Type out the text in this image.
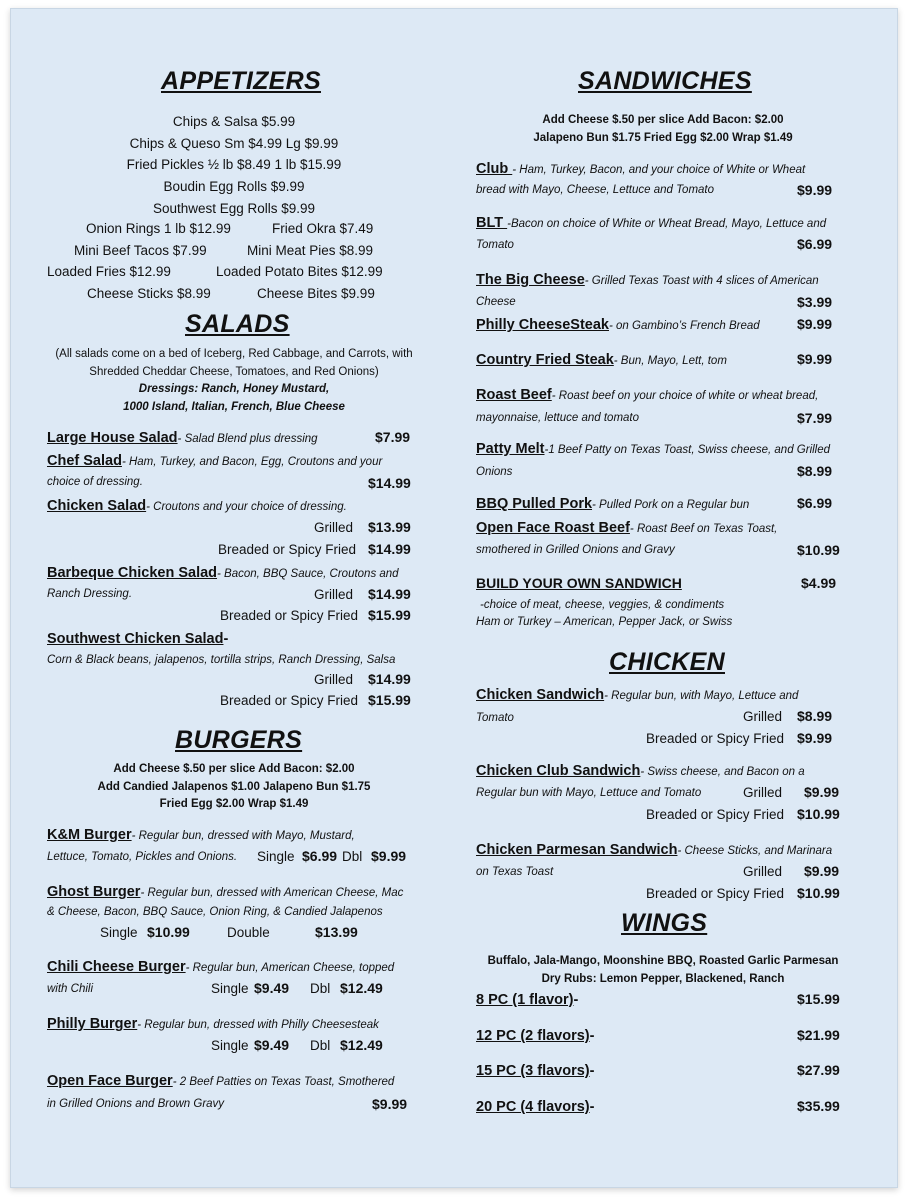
APPETIZERS
Chips & Salsa $5.99
Chips & Queso Sm $4.99 Lg $9.99
Fried Pickles ½ lb $8.49 1 lb $15.99
Boudin Egg Rolls $9.99
Southwest Egg Rolls $9.99
Onion Rings 1 lb $12.99	Fried Okra $7.49
Mini Beef Tacos $7.99	Mini Meat Pies $8.99
Loaded Fries $12.99	Loaded Potato Bites $12.99
Cheese Sticks $8.99	Cheese Bites $9.99
SALADS
(All salads come on a bed of Iceberg, Red Cabbage, and Carrots, with
Shredded Cheddar Cheese, Tomatoes, and Red Onions)
Dressings: Ranch, Honey Mustard,
1000 Island, Italian, French, Blue Cheese
Large House Salad- Salad Blend plus dressing	$7.99
Chef Salad- Ham, Turkey, and Bacon, Egg, Croutons and your
choice of dressing.	$14.99
Chicken Salad- Croutons and your choice of dressing.
Grilled $13.99
Breaded or Spicy Fried $14.99
Barbeque Chicken Salad- Bacon, BBQ Sauce, Croutons and
Ranch Dressing.	Grilled $14.99
Breaded or Spicy Fried $15.99
Southwest Chicken Salad-
Corn & Black beans, jalapenos, tortilla strips, Ranch Dressing, Salsa
Grilled $14.99
Breaded or Spicy Fried $15.99
BURGERS
Add Cheese $.50 per slice Add Bacon: $2.00
Add Candied Jalapenos $1.00 Jalapeno Bun $1.75
Fried Egg $2.00 Wrap $1.49
K&M Burger- Regular bun, dressed with Mayo, Mustard,
Lettuce, Tomato, Pickles and Onions. Single $6.99 Dbl $9.99
Ghost Burger- Regular bun, dressed with American Cheese, Mac
& Cheese, Bacon, BBQ Sauce, Onion Ring, & Candied Jalapenos
Single $10.99	Double	$13.99
Chili Cheese Burger- Regular bun, American Cheese, topped
with Chili	Single $9.49 Dbl $12.49
Philly Burger- Regular bun, dressed with Philly Cheesesteak
Single $9.49 Dbl $12.49
Open Face Burger- 2 Beef Patties on Texas Toast, Smothered
in Grilled Onions and Brown Gravy	$9.99
SANDWICHES
Add Cheese $.50 per slice Add Bacon: $2.00
Jalapeno Bun $1.75 Fried Egg $2.00 Wrap $1.49
Club - Ham, Turkey, Bacon, and your choice of White or Wheat
bread with Mayo, Cheese, Lettuce and Tomato	$9.99
BLT -Bacon on choice of White or Wheat Bread, Mayo, Lettuce and
Tomato	$6.99
The Big Cheese- Grilled Texas Toast with 4 slices of American
Cheese	$3.99
Philly CheeseSteak- on Gambino’s French Bread	$9.99
Country Fried Steak- Bun, Mayo, Lett, tom	$9.99
Roast Beef- Roast beef on your choice of white or wheat bread,
mayonnaise, lettuce and tomato	$7.99
Patty Melt-1 Beef Patty on Texas Toast, Swiss cheese, and Grilled
Onions	$8.99
BBQ Pulled Pork- Pulled Pork on a Regular bun	$6.99
Open Face Roast Beef- Roast Beef on Texas Toast,
smothered in Grilled Onions and Gravy	$10.99
BUILD YOUR OWN SANDWICH	$4.99
-choice of meat, cheese, veggies, & condiments
Ham or Turkey – American, Pepper Jack, or Swiss
CHICKEN
Chicken Sandwich- Regular bun, with Mayo, Lettuce and
Tomato	Grilled $8.99
Breaded or Spicy Fried $9.99
Chicken Club Sandwich- Swiss cheese, and Bacon on a
Regular bun with Mayo, Lettuce and Tomato	Grilled $9.99
Breaded or Spicy Fried $10.99
Chicken Parmesan Sandwich- Cheese Sticks, and Marinara
on Texas Toast	Grilled $9.99
Breaded or Spicy Fried $10.99
WINGS
Buffalo, Jala-Mango, Moonshine BBQ, Roasted Garlic Parmesan
Dry Rubs: Lemon Pepper, Blackened, Ranch
8 PC (1 flavor)-	$15.99
12 PC (2 flavors)-	$21.99
15 PC (3 flavors)-	$27.99
20 PC (4 flavors)-	$35.99
